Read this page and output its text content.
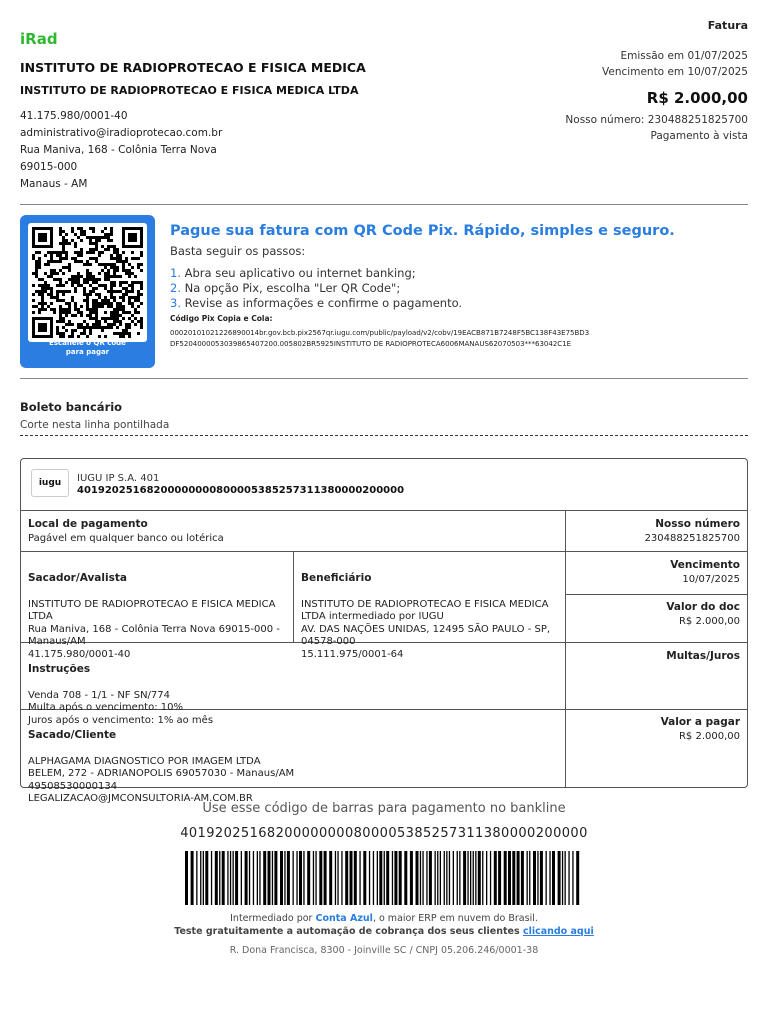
iRad
INSTITUTO DE RADIOPROTECAO E FISICA MEDICA
INSTITUTO DE RADIOPROTECAO E FISICA MEDICA LTDA
41.175.980/0001-40
administrativo@iradioprotecao.com.br
Rua Maniva, 168 - Colônia Terra Nova
69015-000
Manaus - AM
Fatura
Emissão em 01/07/2025
Vencimento em 10/07/2025
R$ 2.000,00
Nosso número: 230488251825700
Pagamento à vista
Escaneie o QR code para pagar
Pague sua fatura com QR Code Pix. Rápido, simples e seguro.
Basta seguir os passos:
1. Abra seu aplicativo ou internet banking;
2. Na opção Pix, escolha "Ler QR Code";
3. Revise as informações e confirme o pagamento.
Código Pix Copia e Cola:
00020101021226890014br.gov.bcb.pix2567qr.iugu.com/public/payload/v2/cobv/19EACB871B7248F5BC138F43E75BD3DF5204000053039865407200.005802BR5925INSTITUTO DE RADIOPROTECA6006MANAUS62070503***63042C1E
Boleto bancário
Corte nesta linha pontilhada
iugu	IUGU IP S.A. 401
40192025168200000000800005385257311380000200000
Local de pagamento
Pagável em qualquer banco ou lotérica
Nosso número
230488251825700

Sacador/Avalista

INSTITUTO DE RADIOPROTECAO E FISICA MEDICA LTDA
Rua Maniva, 168 - Colônia Terra Nova 69015-000 - Manaus/AM
41.175.980/0001-40

Beneficiário

INSTITUTO DE RADIOPROTECAO E FISICA MEDICA LTDA intermediado por IUGU
AV. DAS NAÇÕES UNIDAS, 12495 SÃO PAULO - SP, 04578-000
15.111.975/0001-64

Vencimento
10/07/2025
Valor do doc
R$ 2.000,00

Instruções

Venda 708 - 1/1 - NF SN/774
Multa após o vencimento: 10%
Juros após o vencimento: 1% ao mês

Multas/Juros

Sacado/Cliente

ALPHAGAMA DIAGNOSTICO POR IMAGEM LTDA
BELEM, 272 - ADRIANOPOLIS 69057030 - Manaus/AM
49508530000134
LEGALIZACAO@JMCONSULTORIA-AM.COM.BR

Valor a pagar
R$ 2.000,00
Use esse código de barras para pagamento no bankline
40192025168200000000800005385257311380000200000
Intermediado por Conta Azul, o maior ERP em nuvem do Brasil.
Teste gratuitamente a automação de cobrança dos seus clientes clicando aqui
R. Dona Francisca, 8300 - Joinville SC / CNPJ 05.206.246/0001-38
